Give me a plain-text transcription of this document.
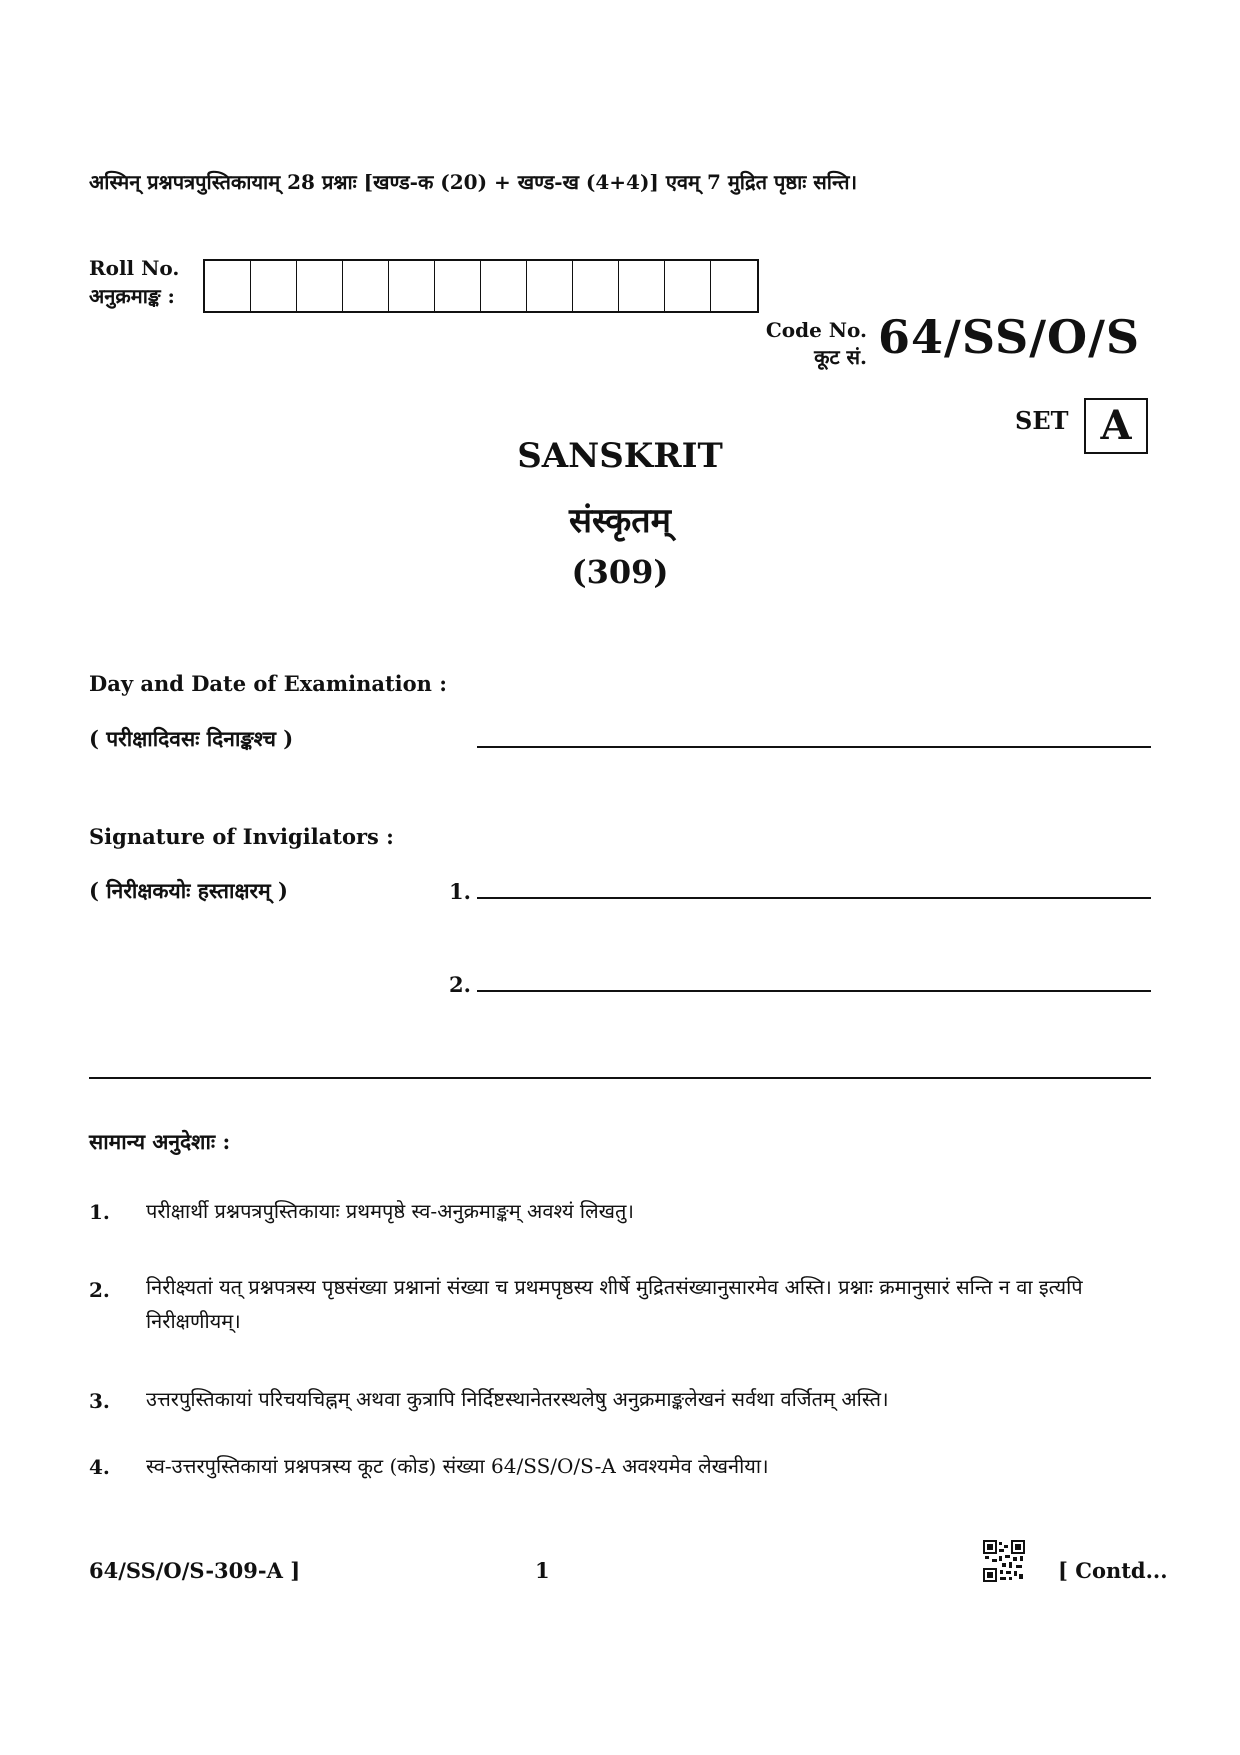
अस्मिन् प्रश्नपत्रपुस्तिकायाम् 28 प्रश्नाः [खण्ड-क (20) + खण्ड-ख (4+4)] एवम् 7 मुद्रित पृष्ठाः सन्ति।
Roll No.
अनुक्रमाङ्क :
Code No.
कूट सं. 64/SS/O/S
SET A
SANSKRIT
संस्कृतम्
(309)
Day and Date of Examination :
( परीक्षादिवसः दिनाङ्कश्च )
Signature of Invigilators :
( निरीक्षकयोः हस्ताक्षरम् )	1.
2.
सामान्य अनुदेशाः :
1. परीक्षार्थी प्रश्नपत्रपुस्तिकायाः प्रथमपृष्ठे स्व-अनुक्रमाङ्कम् अवश्यं लिखतु।
2. निरीक्ष्यतां यत् प्रश्नपत्रस्य पृष्ठसंख्या प्रश्नानां संख्या च प्रथमपृष्ठस्य शीर्षे मुद्रितसंख्यानुसारमेव अस्ति। प्रश्नाः क्रमानुसारं सन्ति न वा इत्यपि निरीक्षणीयम्।
3. उत्तरपुस्तिकायां परिचयचिह्नम् अथवा कुत्रापि निर्दिष्टस्थानेतरस्थलेषु अनुक्रमाङ्कलेखनं सर्वथा वर्जितम् अस्ति।
4. स्व-उत्तरपुस्तिकायां प्रश्नपत्रस्य कूट (कोड) संख्या 64/SS/O/S-A अवश्यमेव लेखनीया।
64/SS/O/S-309-A ]	1	[ Contd...
